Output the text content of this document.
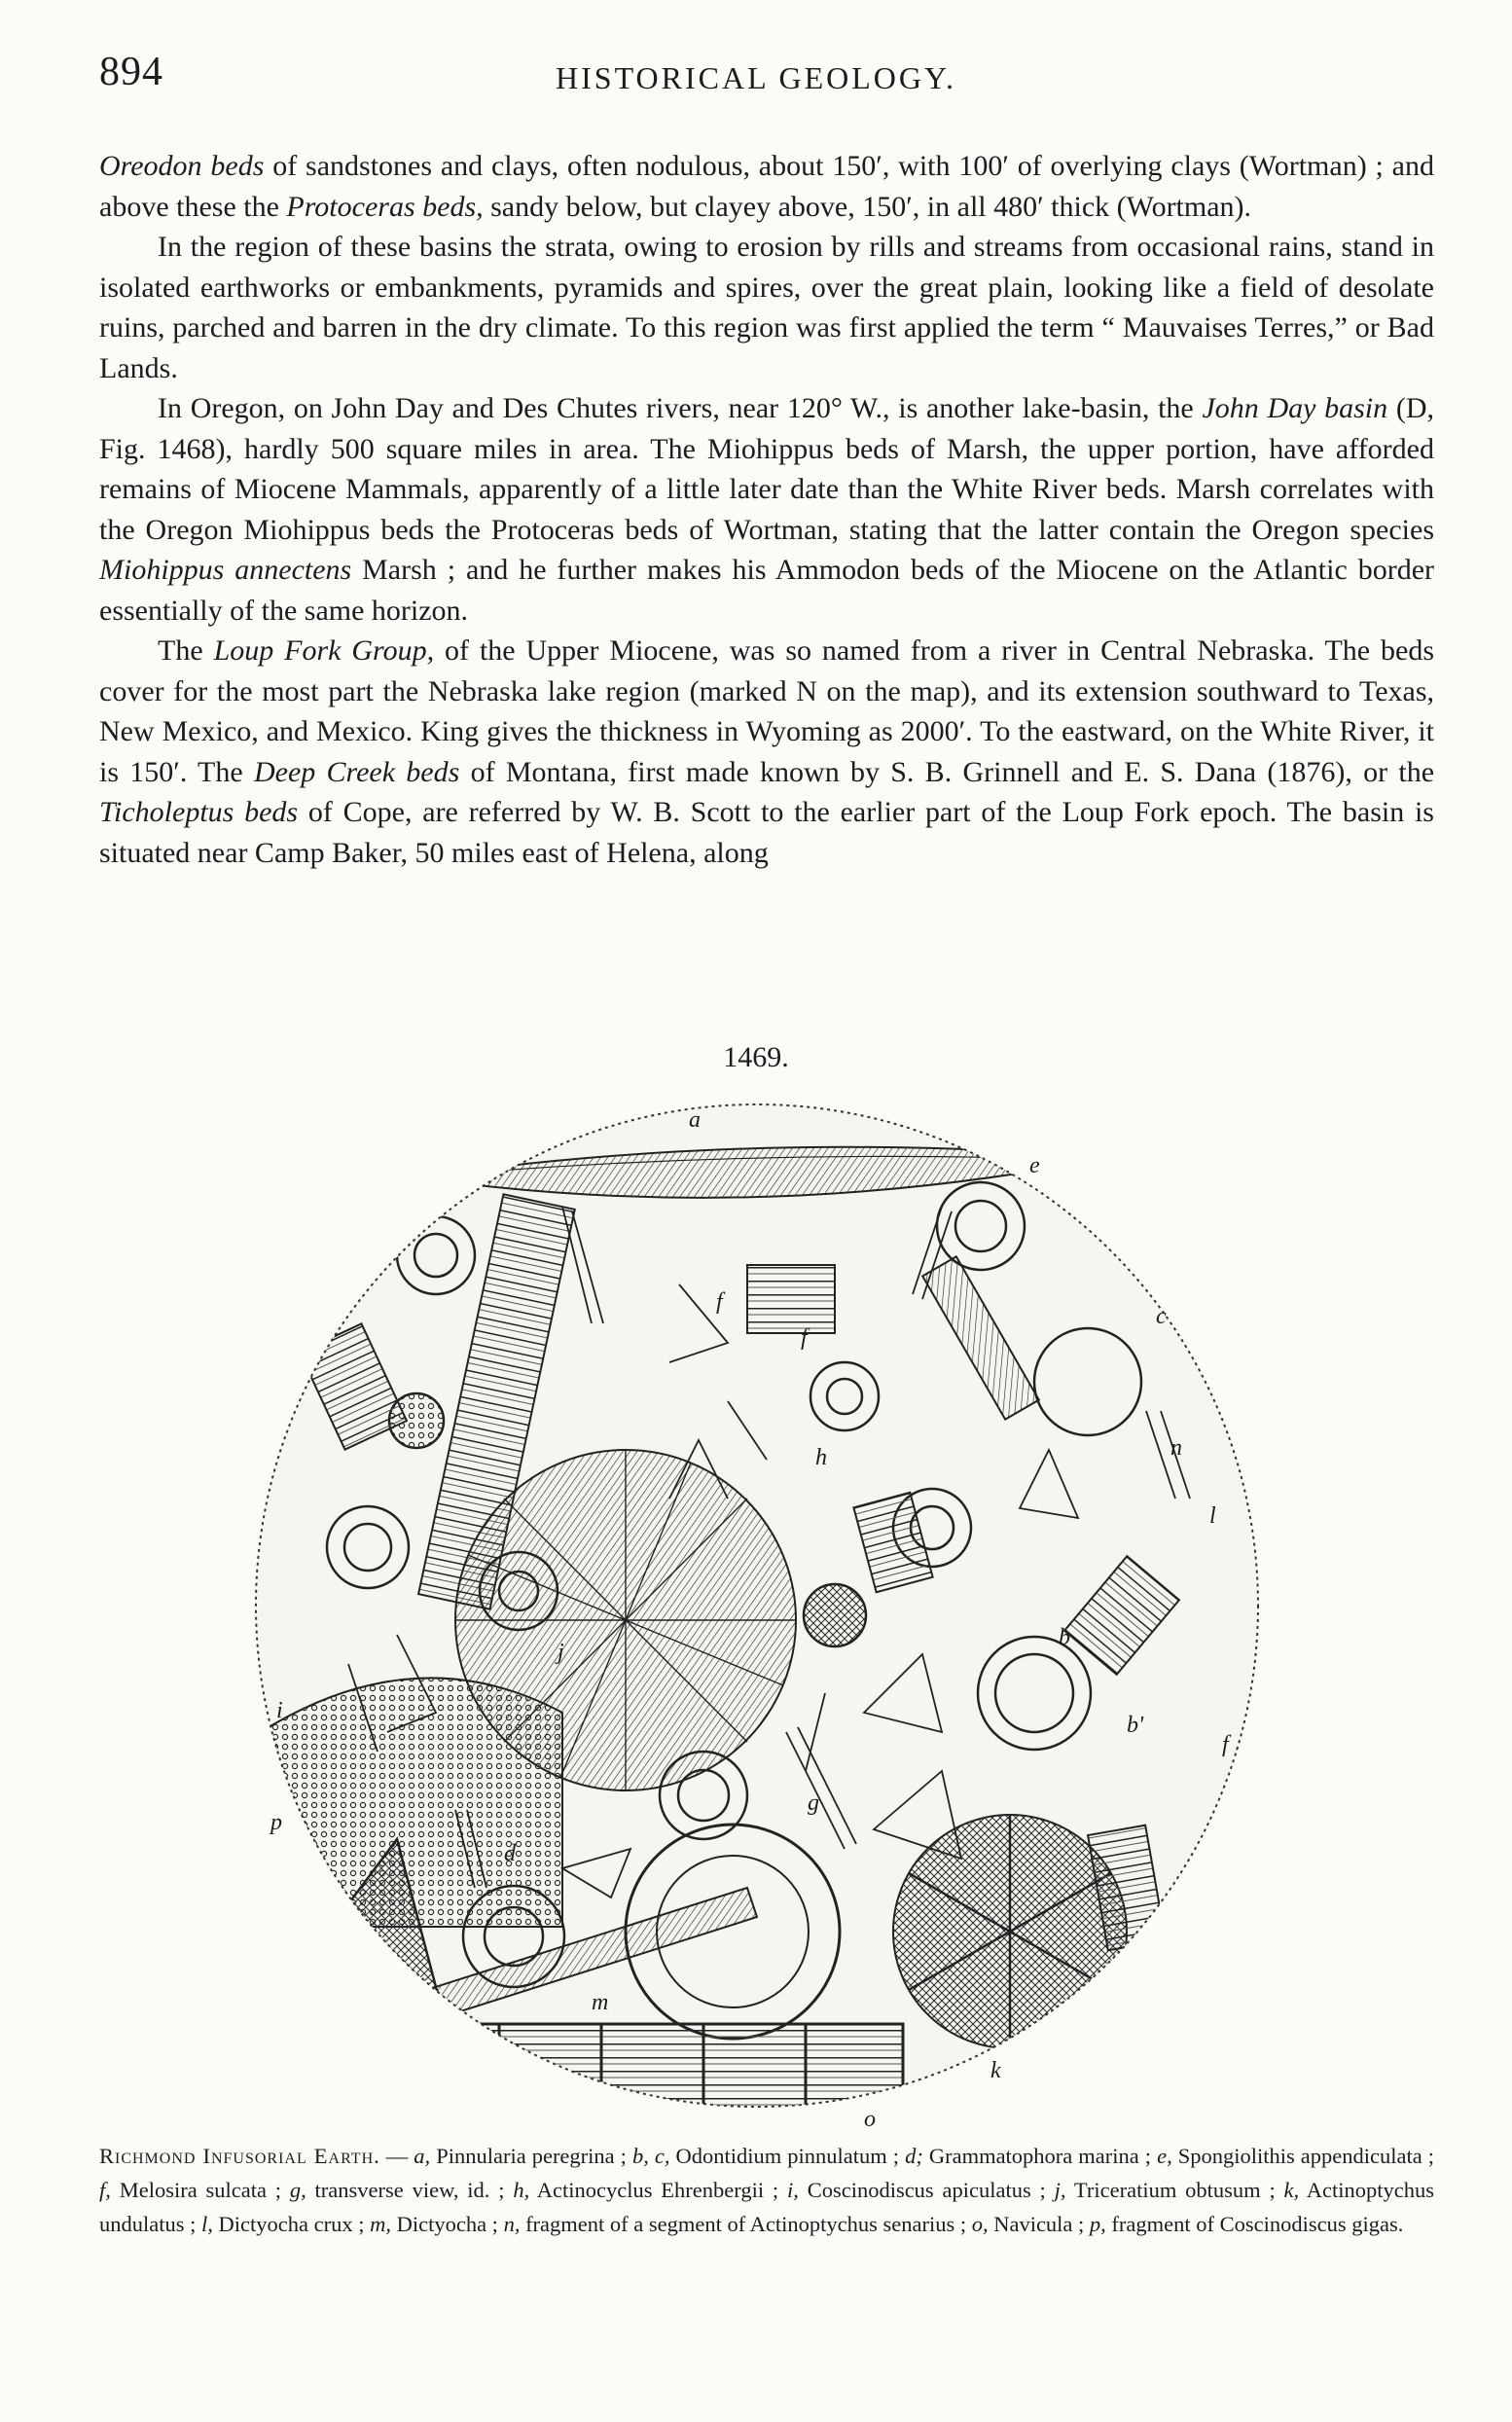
894	HISTORICAL GEOLOGY.

Oreodon beds of sandstones and clays, often nodulous, about 150′, with 100′ of overlying clays (Wortman) ; and above these the Protoceras beds, sandy below, but clayey above, 150′, in all 480′ thick (Wortman).

In the region of these basins the strata, owing to erosion by rills and streams from occasional rains, stand in isolated earthworks or embankments, pyramids and spires, over the great plain, looking like a field of desolate ruins, parched and barren in the dry climate. To this region was first applied the term “ Mauvaises Terres,” or Bad Lands.

In Oregon, on John Day and Des Chutes rivers, near 120° W., is another lake-basin, the John Day basin (D, Fig. 1468), hardly 500 square miles in area. The Miohippus beds of Marsh, the upper portion, have afforded remains of Miocene Mammals, apparently of a little later date than the White River beds. Marsh correlates with the Oregon Miohippus beds the Protoceras beds of Wortman, stating that the latter contain the Oregon species Miohippus annectens Marsh ; and he further makes his Ammodon beds of the Miocene on the Atlantic border essentially of the same horizon.

The Loup Fork Group, of the Upper Miocene, was so named from a river in Central Nebraska. The beds cover for the most part the Nebraska lake region (marked N on the map), and its extension southward to Texas, New Mexico, and Mexico. King gives the thickness in Wyoming as 2000′. To the eastward, on the White River, it is 150′. The Deep Creek beds of Montana, first made known by S. B. Grinnell and E. S. Dana (1876), or the Ticholeptus beds of Cope, are referred by W. B. Scott to the earlier part of the Loup Fork epoch. The basin is situated near Camp Baker, 50 miles east of Helena, along

1469.
a
b
b'
c
d
e
f
f
f
g
h
i
j
k
l
m
n
o
p
Richmond Infusorial Earth. — a, Pinnularia peregrina ; b, c, Odontidium pinnulatum ; d; Grammatophora marina ; e, Spongiolithis appendiculata ; f, Melosira sulcata ; g, transverse view, id. ; h, Actinocyclus Ehrenbergii ; i, Coscinodiscus apiculatus ; j, Triceratium obtusum ; k, Actinoptychus undulatus ; l, Dictyocha crux ; m, Dictyocha ; n, fragment of a segment of Actinoptychus senarius ; o, Navicula ; p, fragment of Coscinodiscus gigas.
